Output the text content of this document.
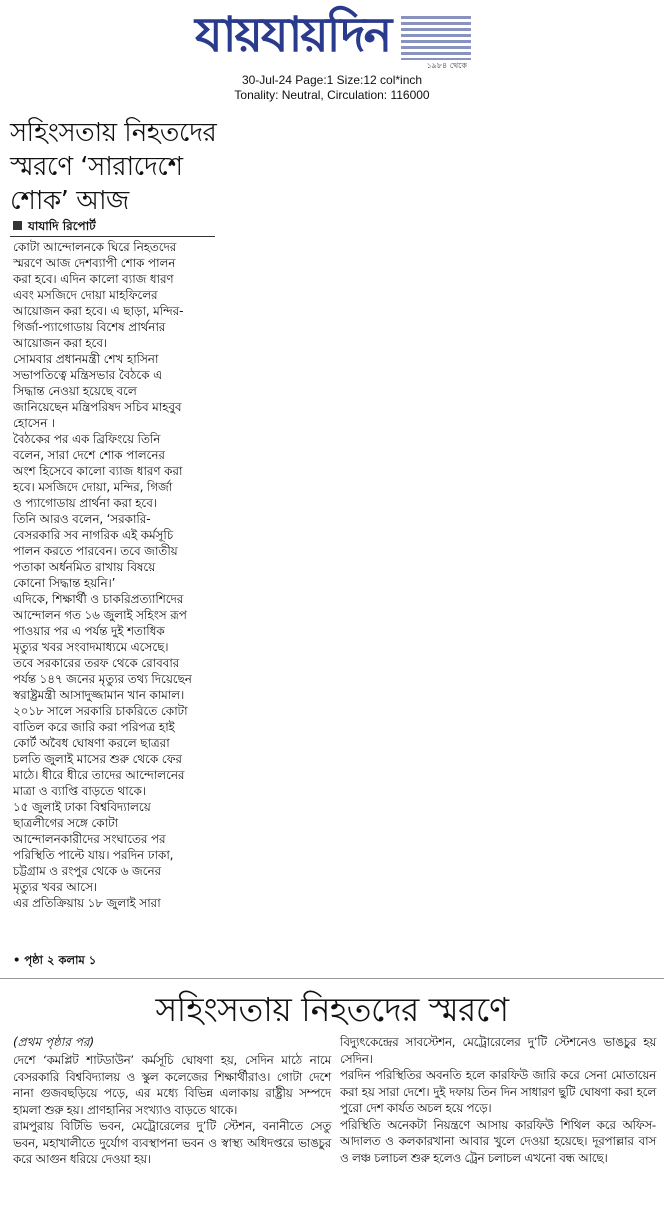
যায়যায়দিন
১৯৮৪ থেকে
30-Jul-24 Page:1 Size:12 col*inch
Tonality: Neutral, Circulation: 116000
সহিংসতায় নিহতদের স্মরণে ‘সারাদেশে শোক’ আজ
যাযাদি রিপোর্ট

কোটা আন্দোলনকে ঘিরে নিহতদের

স্মরণে আজ দেশব্যাপী শোক পালন

করা হবে। এদিন কালো ব্যাজ ধারণ

এবং মসজিদে দোয়া মাহফিলের

আয়োজন করা হবে। এ ছাড়া, মন্দির-

গির্জা-প্যাগোডায় বিশেষ প্রার্থনার

আয়োজন করা হবে।

সোমবার প্রধানমন্ত্রী শেখ হাসিনা

সভাপতিত্বে মন্ত্রিসভার বৈঠকে এ

সিদ্ধান্ত নেওয়া হয়েছে বলে

জানিয়েছেন মন্ত্রিপরিষদ সচিব মাহবুব

হোসেন ।

বৈঠকের পর এক ব্রিফিংয়ে তিনি

বলেন, সারা দেশে শোক পালনের

অংশ হিসেবে কালো ব্যাজ ধারণ করা

হবে। মসজিদে দোয়া, মন্দির, গির্জা

ও প্যাগোডায় প্রার্থনা করা হবে।

তিনি আরও বলেন, ‘সরকারি-

বেসরকারি সব নাগরিক এই কর্মসূচি

পালন করতে পারবেন। তবে জাতীয়

পতাকা অর্ধনমিত রাখায় বিষয়ে

কোনো সিদ্ধান্ত হয়নি।’

এদিকে, শিক্ষার্থী ও চাকরিপ্রত্যাশিদের

আন্দোলন গত ১৬ জুলাই সহিংস রূপ

পাওয়ার পর এ পর্যন্ত দুই শতাধিক

মৃত্যুর খবর সংবাদমাধ্যমে এসেছে।

তবে সরকারের তরফ থেকে রোববার

পর্যন্ত ১৪৭ জনের মৃত্যুর তথ্য দিয়েছেন

স্বরাষ্ট্রমন্ত্রী আসাদুজ্জামান খান কামাল।

২০১৮ সালে সরকারি চাকরিতে কোটা

বাতিল করে জারি করা পরিপত্র হাই

কোর্ট অবৈধ ঘোষণা করলে ছাত্ররা

চলতি জুলাই মাসের শুরু থেকে ফের

মাঠে। ধীরে ধীরে তাদের আন্দোলনের

মাত্রা ও ব্যাপ্তি বাড়তে থাকে।

১৫ জুলাই ঢাকা বিশ্ববিদ্যালয়ে

ছাত্রলীগের সঙ্গে কোটা

আন্দোলনকারীদের সংঘাতের পর

পরিস্থিতি পাল্টে যায়। পরদিন ঢাকা,

চট্টগ্রাম ও রংপুর থেকে ৬ জনের

মৃত্যুর খবর আসে।

এর প্রতিক্রিয়ায় ১৮ জুলাই সারা

• পৃষ্ঠা ২ কলাম ১
সহিংসতায় নিহতদের স্মরণে
(প্রথম পৃষ্ঠার পর)

দেশে ‘কমপ্লিট শাটডাউন’ কর্মসূচি ঘোষণা হয়, সেদিন মাঠে নামে বেসরকারি বিশ্ববিদ্যালয় ও স্কুল কলেজের শিক্ষার্থীরাও। গোটা দেশে নানা গুজবছড়িয়ে পড়ে, এর মধ্যে বিভিন্ন এলাকায় রাষ্ট্রীয় সম্পদে হামলা শুরু হয়। প্রাণহানির সংখ্যাও বাড়তে থাকে।

রামপুরায় বিটিভি ভবন, মেট্রোরেলের দু’টি স্টেশন, বনানীতে সেতু ভবন, মহাখালীতে দুর্যোগ ব্যবস্থাপনা ভবন ও স্বাস্থ্য অধিদপ্তরে ভাঙচুর করে আগুন ধরিয়ে দেওয়া হয়।

বিদ্যুৎকেন্দ্রের সাবস্টেশন, মেট্রোরেলের দু’টি স্টেশনেও ভাঙচুর হয় সেদিন।

পরদিন পরিস্থিতির অবনতি হলে কারফিউ জারি করে সেনা মোতায়েন করা হয় সারা দেশে। দুই দফায় তিন দিন সাধারণ ছুটি ঘোষণা করা হলে পুরো দেশ কার্যত অচল হয়ে পড়ে।

পরিস্থিতি অনেকটা নিয়ন্ত্রণে আসায় কারফিউ শিথিল করে অফিস-আদালত ও কলকারখানা আবার খুলে দেওয়া হয়েছে। দূরপাল্লার বাস ও লঞ্চ চলাচল শুরু হলেও ট্রেন চলাচল এখনো বন্ধ আছে।
